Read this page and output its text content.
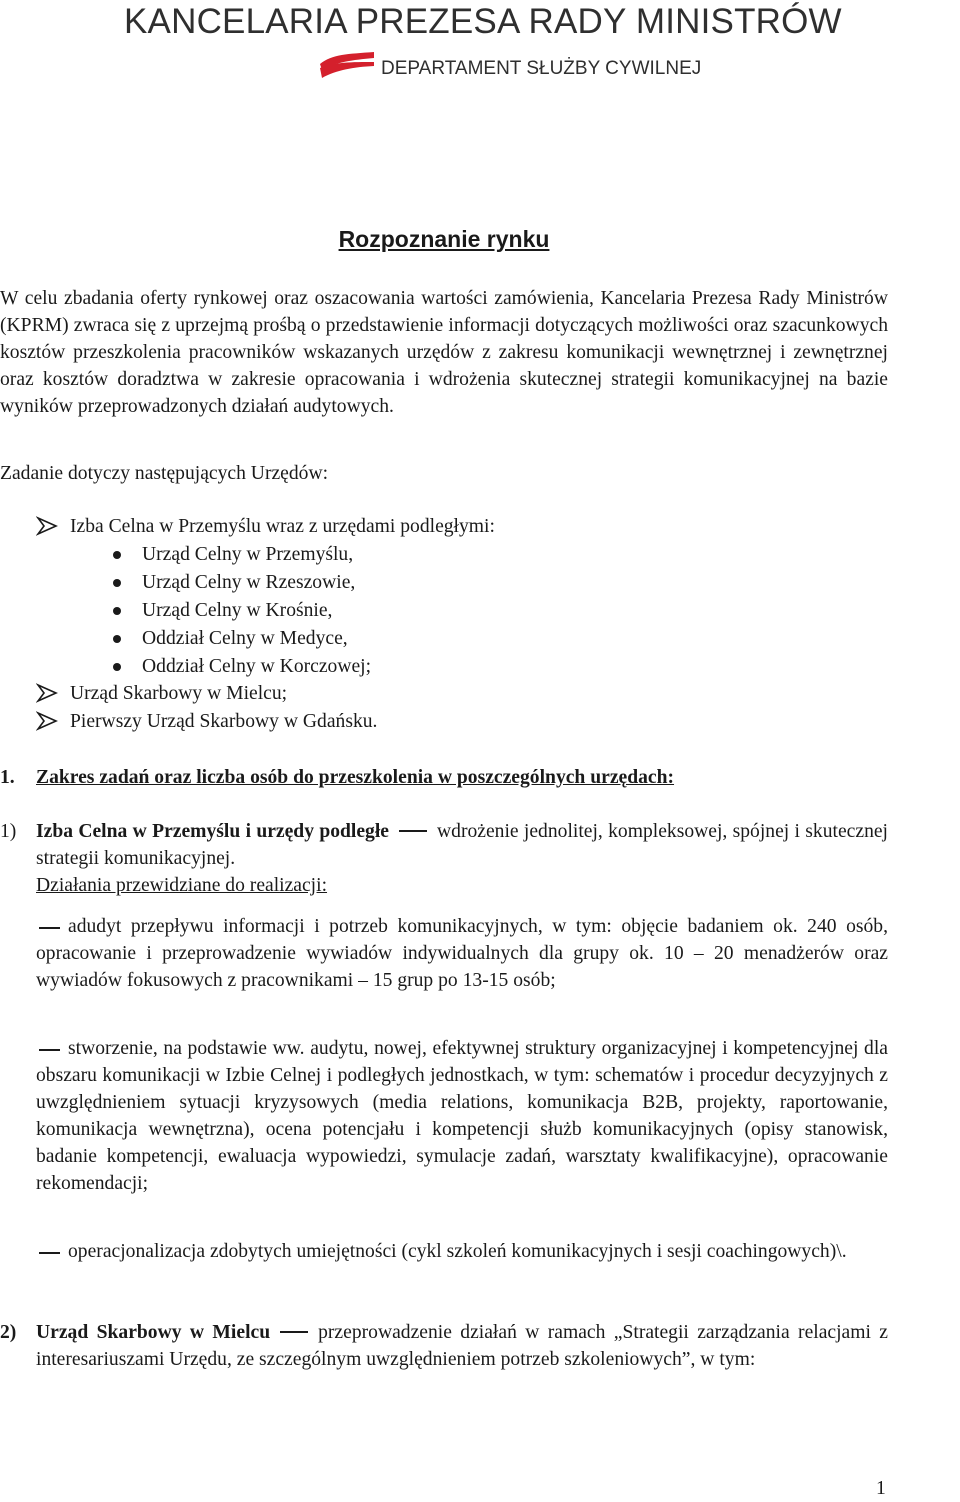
KANCELARIA PREZESA RADY MINISTRÓW
DEPARTAMENT SŁUŻBY CYWILNEJ
Rozpoznanie rynku
W celu zbadania oferty rynkowej oraz oszacowania wartości zamówienia, Kancelaria Prezesa Rady Ministrów (KPRM) zwraca się z uprzejmą prośbą o przedstawienie informacji dotyczących możliwości oraz szacunkowych kosztów przeszkolenia pracowników wskazanych urzędów z zakresu komunikacji wewnętrznej i zewnętrznej oraz kosztów doradztwa w zakresie opracowania i wdrożenia skutecznej strategii komunikacyjnej na bazie wyników przeprowadzonych działań audytowych.
Zadanie dotyczy następujących Urzędów:
Izba Celna w Przemyślu wraz z urzędami podległymi:
Urząd Celny w Przemyślu,
Urząd Celny w Rzeszowie,
Urząd Celny w Krośnie,
Oddział Celny w Medyce,
Oddział Celny w Korczowej;
Urząd Skarbowy w Mielcu;
Pierwszy Urząd Skarbowy w Gdańsku.
1. Zakres zadań oraz liczba osób do przeszkolenia w poszczególnych urzędach:
1) Izba Celna w Przemyślu i urzędy podległe wdrożenie jednolitej, kompleksowej, spójnej i skutecznej strategii komunikacyjnej.
Działania przewidziane do realizacji:
adudyt przepływu informacji i potrzeb komunikacyjnych, w tym: objęcie badaniem ok. 240 osób, opracowanie i przeprowadzenie wywiadów indywidualnych dla grupy ok. 10 – 20 menadżerów oraz wywiadów fokusowych z pracownikami – 15 grup po 13-15 osób;
stworzenie, na podstawie ww. audytu, nowej, efektywnej struktury organizacyjnej i kompetencyjnej dla obszaru komunikacji w Izbie Celnej i podległych jednostkach, w tym: schematów i procedur decyzyjnych z uwzględnieniem sytuacji kryzysowych (media relations, komunikacja B2B, projekty, raportowanie, komunikacja wewnętrzna), ocena potencjału i kompetencji służb komunikacyjnych (opisy stanowisk, badanie kompetencji, ewaluacja wypowiedzi, symulacje zadań, warsztaty kwalifikacyjne), opracowanie rekomendacji;
operacjonalizacja zdobytych umiejętności (cykl szkoleń komunikacyjnych i sesji coachingowych)\.
2) Urząd Skarbowy w Mielcu przeprowadzenie działań w ramach „Strategii zarządzania relacjami z interesariuszami Urzędu, ze szczególnym uwzględnieniem potrzeb szkoleniowych”, w tym:
1
